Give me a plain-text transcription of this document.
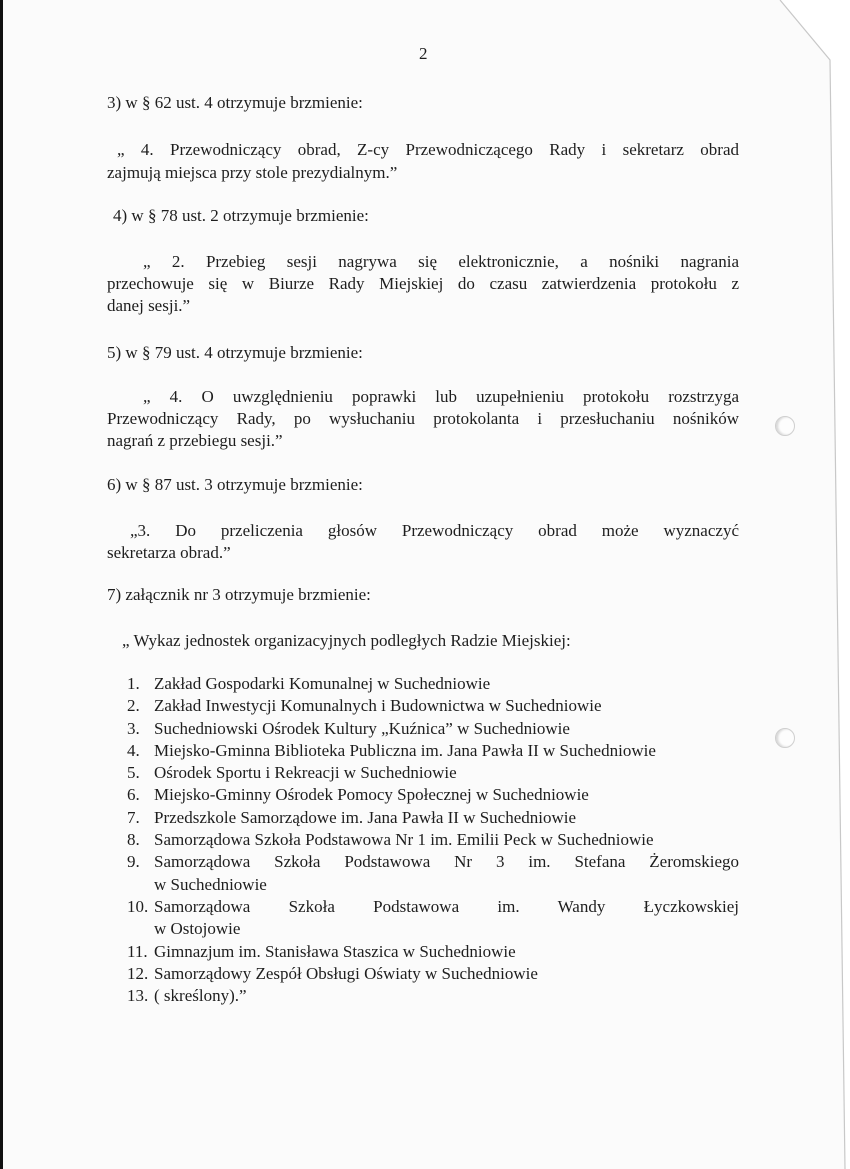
2
3) w § 62 ust. 4 otrzymuje brzmienie:
„ 4. Przewodniczący obrad, Z-cy Przewodniczącego Rady i sekretarz obrad
zajmują miejsca przy stole prezydialnym.”
4) w § 78 ust. 2 otrzymuje brzmienie:
„ 2. Przebieg sesji nagrywa się elektronicznie, a nośniki nagrania
przechowuje się w Biurze Rady Miejskiej do czasu zatwierdzenia protokołu z
danej sesji.”
5) w § 79 ust. 4 otrzymuje brzmienie:
„ 4. O uwzględnieniu poprawki lub uzupełnieniu protokołu rozstrzyga
Przewodniczący Rady, po wysłuchaniu protokolanta i przesłuchaniu nośników
nagrań z przebiegu sesji.”
6) w § 87 ust. 3 otrzymuje brzmienie:
„3. Do przeliczenia głosów Przewodniczący obrad może wyznaczyć
sekretarza obrad.”
7) załącznik nr 3 otrzymuje brzmienie:
„ Wykaz jednostek organizacyjnych podległych Radzie Miejskiej:
1. Zakład Gospodarki Komunalnej w Suchedniowie
2. Zakład Inwestycji Komunalnych i Budownictwa w Suchedniowie
3. Suchedniowski Ośrodek Kultury „Kuźnica” w Suchedniowie
4. Miejsko-Gminna Biblioteka Publiczna im. Jana Pawła II w Suchedniowie
5. Ośrodek Sportu i Rekreacji w Suchedniowie
6. Miejsko-Gminny Ośrodek Pomocy Społecznej w Suchedniowie
7. Przedszkole Samorządowe im. Jana Pawła II w Suchedniowie
8. Samorządowa Szkoła Podstawowa Nr 1 im. Emilii Peck w Suchedniowie
9. Samorządowa Szkoła Podstawowa Nr 3 im. Stefana Żeromskiego
w Suchedniowie
10. Samorządowa Szkoła Podstawowa im. Wandy Łyczkowskiej
w Ostojowie
11. Gimnazjum im. Stanisława Staszica w Suchedniowie
12. Samorządowy Zespół Obsługi Oświaty w Suchedniowie
13. ( skreślony).”
